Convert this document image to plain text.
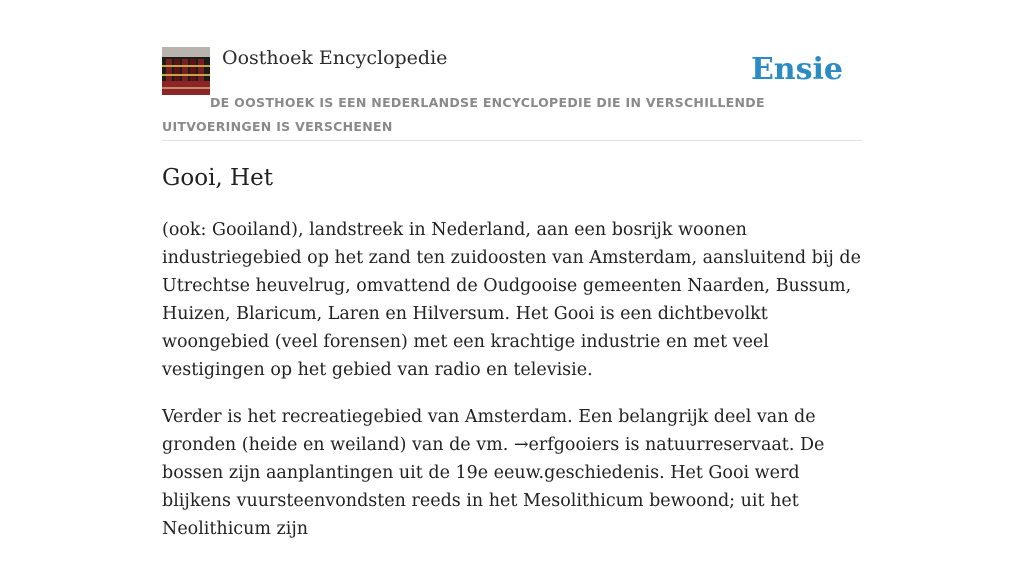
Oosthoek Encyclopedie	Ensie
DE OOSTHOEK IS EEN NEDERLANDSE ENCYCLOPEDIE DIE IN VERSCHILLENDE UITVOERINGEN IS VERSCHENEN
Gooi, Het

(ook: Gooiland), landstreek in Nederland, aan een bosrijk woonen industriegebied op het zand ten zuidoosten van Amsterdam, aansluitend bij de Utrechtse heuvelrug, omvattend de Oudgooise gemeenten Naarden, Bussum, Huizen, Blaricum, Laren en Hilversum. Het Gooi is een dichtbevolkt woongebied (veel forensen) met een krachtige industrie en met veel vestigingen op het gebied van radio en televisie.

Verder is het recreatiegebied van Amsterdam. Een belangrijk deel van de gronden (heide en weiland) van de vm. →erfgooiers is natuurreservaat. De bossen zijn aanplantingen uit de 19e eeuw.geschiedenis. Het Gooi werd blijkens vuursteenvondsten reeds in het Mesolithicum bewoond; uit het Neolithicum zijn
